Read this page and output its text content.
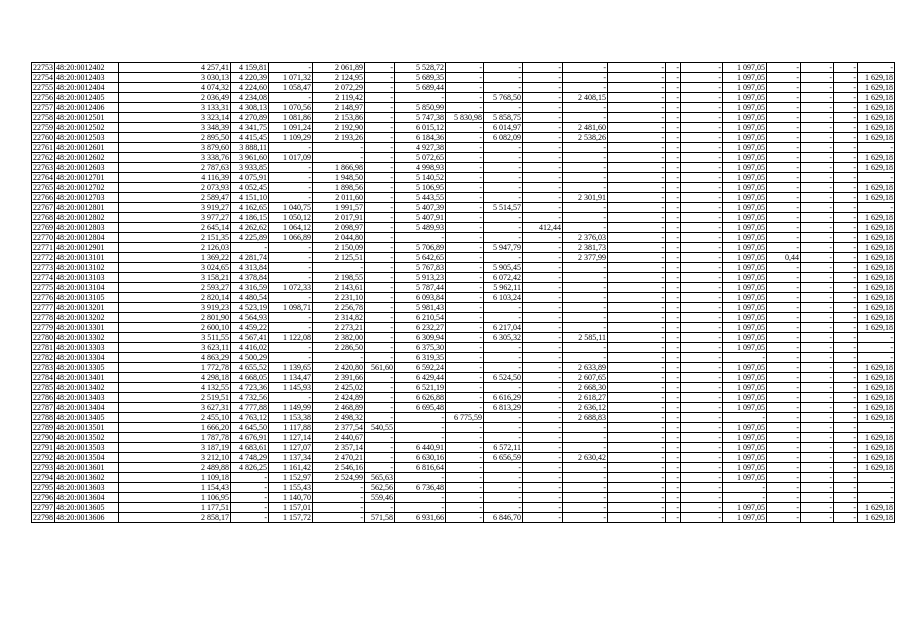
22753	48:20:0012402	4 257,41	4 159,81	-	2 061,89	-	5 528,72	-	-	-	-	-	-	-	1 097,05	-	-	-	-
22754	48:20:0012403	3 030,13	4 220,39	1 071,32	2 124,95	-	5 689,35	-	-	-	-	-	-	-	1 097,05	-	-	-	1 629,18
22755	48:20:0012404	4 074,32	4 224,60	1 058,47	2 072,29	-	5 689,44	-	-	-	-	-	-	-	1 097,05	-	-	-	1 629,18
22756	48:20:0012405	2 036,49	4 234,08	-	2 119,42	-	-	-	5 768,50	-	2 408,15	-	-	-	1 097,05	-	-	-	1 629,18
22757	48:20:0012406	3 133,31	4 308,13	1 070,56	2 148,97	-	5 850,99	-	-	-	-	-	-	-	1 097,05	-	-	-	1 629,18
22758	48:20:0012501	3 323,14	4 270,89	1 081,86	2 153,86	-	5 747,38	5 830,98	5 858,75	-	-	-	-	-	1 097,05	-	-	-	1 629,18
22759	48:20:0012502	3 348,39	4 341,75	1 091,24	2 192,90	-	6 015,12	-	6 014,97	-	2 481,60	-	-	-	1 097,05	-	-	-	1 629,18
22760	48:20:0012503	2 895,50	4 415,45	1 109,29	2 193,26	-	6 184,36	-	6 082,09	-	2 538,26	-	-	-	1 097,05	-	-	-	1 629,18
22761	48:20:0012601	3 879,60	3 888,11	-	-	-	4 927,38	-	-	-	-	-	-	-	1 097,05	-	-	-	-
22762	48:20:0012602	3 338,76	3 961,60	1 017,09	-	-	5 072,65	-	-	-	-	-	-	-	1 097,05	-	-	-	1 629,18
22763	48:20:0012603	2 787,63	3 933,85	-	1 866,98	-	4 998,93	-	-	-	-	-	-	-	1 097,05	-	-	-	1 629,18
22764	48:20:0012701	4 116,39	4 075,91	-	1 948,50	-	5 140,52	-	-	-	-	-	-	-	1 097,05	-	-	-	-
22765	48:20:0012702	2 073,93	4 052,45	-	1 898,56	-	5 106,95	-	-	-	-	-	-	-	1 097,05	-	-	-	1 629,18
22766	48:20:0012703	2 589,47	4 151,10	-	2 011,60	-	5 443,55	-	-	-	2 301,91	-	-	-	1 097,05	-	-	-	1 629,18
22767	48:20:0012801	3 919,27	4 162,65	1 040,75	1 991,57	-	5 407,39	-	5 514,57	-	-	-	-	-	1 097,05	-	-	-	-
22768	48:20:0012802	3 977,27	4 186,15	1 050,12	2 017,91	-	5 407,91	-	-	-	-	-	-	-	1 097,05	-	-	-	1 629,18
22769	48:20:0012803	2 645,14	4 262,62	1 064,12	2 098,97	-	5 489,93	-	-	412,44	-	-	-	-	1 097,05	-	-	-	1 629,18
22770	48:20:0012804	2 151,35	4 225,89	1 066,89	2 044,80	-	-	-	-	-	2 376,03	-	-	-	1 097,05	-	-	-	1 629,18
22771	48:20:0012901	2 126,03	-	-	2 150,09	-	5 706,89	-	5 947,79	-	2 381,73	-	-	-	1 097,05	-	-	-	1 629,18
22772	48:20:0013101	1 369,22	4 281,74	-	2 125,51	-	5 642,65	-	-	-	2 377,99	-	-	-	1 097,05	0,44	-	-	1 629,18
22773	48:20:0013102	3 024,65	4 313,84	-	-	-	5 767,83	-	5 905,45	-	-	-	-	-	1 097,05	-	-	-	1 629,18
22774	48:20:0013103	3 158,21	4 378,84	-	2 198,55	-	5 913,23	-	6 072,42	-	-	-	-	-	1 097,05	-	-	-	1 629,18
22775	48:20:0013104	2 593,27	4 316,59	1 072,33	2 143,61	-	5 787,44	-	5 962,11	-	-	-	-	-	1 097,05	-	-	-	1 629,18
22776	48:20:0013105	2 820,14	4 480,54	-	2 231,10	-	6 093,84	-	6 103,24	-	-	-	-	-	1 097,05	-	-	-	1 629,18
22777	48:20:0013201	3 919,23	4 523,19	1 098,71	2 256,78	-	5 981,43	-	-	-	-	-	-	-	1 097,05	-	-	-	1 629,18
22778	48:20:0013202	2 801,90	4 564,93	-	2 314,82	-	6 210,54	-	-	-	-	-	-	-	1 097,05	-	-	-	1 629,18
22779	48:20:0013301	2 600,10	4 459,22	-	2 273,21	-	6 232,27	-	6 217,04	-	-	-	-	-	1 097,05	-	-	-	1 629,18
22780	48:20:0013302	3 511,55	4 567,41	1 122,08	2 382,00	-	6 309,94	-	6 305,32	-	2 585,11	-	-	-	1 097,05	-	-	-	-
22781	48:20:0013303	3 623,11	4 416,02	-	2 286,50	-	6 375,30	-	-	-	-	-	-	-	1 097,05	-	-	-	-
22782	48:20:0013304	4 863,29	4 500,29	-	-	-	6 319,35	-	-	-	-	-	-	-	-	-	-	-	-
22783	48:20:0013305	1 772,78	4 655,52	1 139,65	2 420,80	561,60	6 592,24	-	-	-	2 633,89	-	-	-	1 097,05	-	-	-	1 629,18
22784	48:20:0013401	4 298,18	4 668,05	1 134,47	2 391,66	-	6 429,44	-	6 524,50	-	2 607,65	-	-	-	1 097,05	-	-	-	1 629,18
22785	48:20:0013402	4 132,55	4 723,36	1 145,93	2 425,02	-	6 521,19	-	-	-	2 668,30	-	-	-	1 097,05	-	-	-	1 629,18
22786	48:20:0013403	2 519,51	4 732,56	-	2 424,89	-	6 626,88	-	6 616,29	-	2 618,27	-	-	-	1 097,05	-	-	-	1 629,18
22787	48:20:0013404	3 627,31	4 777,88	1 149,99	2 468,89	-	6 695,48	-	6 813,29	-	2 636,12	-	-	-	1 097,05	-	-	-	1 629,18
22788	48:20:0013405	2 455,10	4 763,12	1 153,38	2 498,32	-	-	6 775,59	-	-	2 688,83	-	-	-	-	-	-	-	1 629,18
22789	48:20:0013501	1 666,20	4 645,50	1 117,88	2 377,54	540,55	-	-	-	-	-	-	-	-	1 097,05	-	-	-	-
22790	48:20:0013502	1 787,78	4 676,91	1 127,14	2 440,67	-	-	-	-	-	-	-	-	-	1 097,05	-	-	-	1 629,18
22791	48:20:0013503	3 187,19	4 683,61	1 127,07	2 357,14	-	6 440,91	-	6 572,11	-	-	-	-	-	1 097,05	-	-	-	1 629,18
22792	48:20:0013504	3 212,10	4 748,29	1 137,34	2 470,21	-	6 630,16	-	6 656,59	-	2 630,42	-	-	-	1 097,05	-	-	-	1 629,18
22793	48:20:0013601	2 489,88	4 826,25	1 161,42	2 546,16	-	6 816,64	-	-	-	-	-	-	-	1 097,05	-	-	-	1 629,18
22794	48:20:0013602	1 109,18	-	1 152,97	2 524,99	565,63	-	-	-	-	-	-	-	-	1 097,05	-	-	-	-
22795	48:20:0013603	1 154,43	-	1 155,43	-	562,56	6 736,48	-	-	-	-	-	-	-	-	-	-	-	-
22796	48:20:0013604	1 106,95	-	1 140,70	-	559,46	-	-	-	-	-	-	-	-	-	-	-	-	-
22797	48:20:0013605	1 177,51	-	1 157,01	-	-	-	-	-	-	-	-	-	-	1 097,05	-	-	-	1 629,18
22798	48:20:0013606	2 858,17	-	1 157,72	-	571,58	6 931,66	-	6 846,70	-	-	-	-	-	1 097,05	-	-	-	1 629,18
